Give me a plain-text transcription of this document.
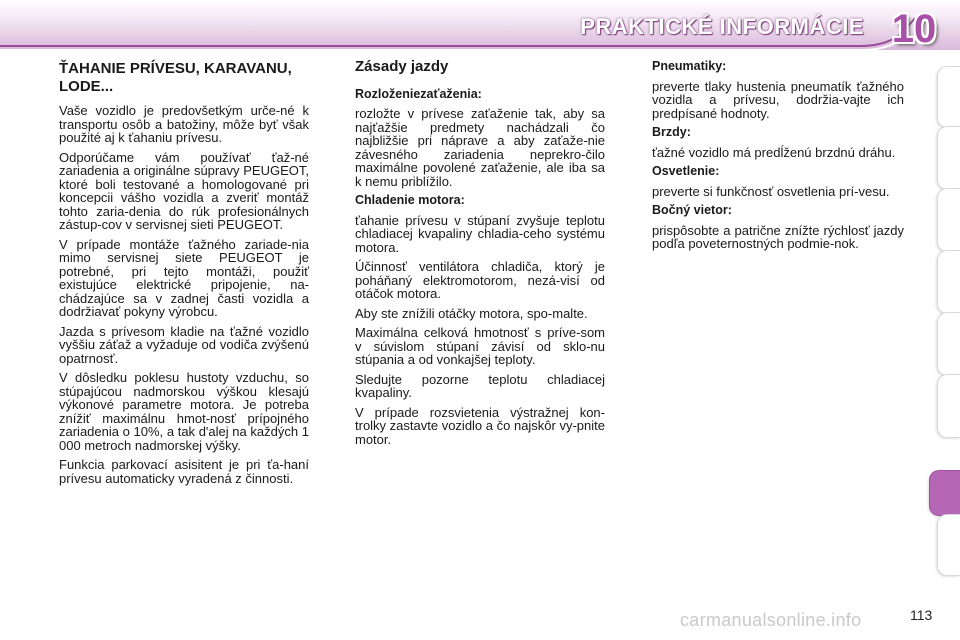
PRAKTICKÉ INFORMÁCIE 10
ŤAHANIE PRÍVESU, KARAVANU, LODE...

Vaše vozidlo je predovšetkým urče-né k transportu osôb a batožiny, môže byť však použité aj k ťahaniu prívesu.

Odporúčame vám používať ťaž-né zariadenia a originálne súpravy PEUGEOT, ktoré boli testované a homologované pri koncepcii vášho vozidla a zveriť montáž tohto zaria-denia do rúk profesionálnych zástup-cov v servisnej sieti PEUGEOT.

V prípade montáže ťažného zariade-nia mimo servisnej siete PEUGEOT je potrebné, pri tejto montáži, použiť existujúce elektrické pripojenie, na-chádzajúce sa v zadnej časti vozidla a dodržiavať pokyny výrobcu.

Jazda s prívesom kladie na ťažné vozidlo vyššiu záťaž a vyžaduje od vodiča zvýšenú opatrnosť.

V dôsledku poklesu hustoty vzduchu, so stúpajúcou nadmorskou výškou klesajú výkonové parametre motora. Je potreba znížiť maximálnu hmot-nosť prípojného zariadenia o 10%, a tak d'alej na každých 1 000 metroch nadmorskej výšky.

Funkcia parkovací asisitent je pri ťa-haní prívesu automaticky vyradená z činnosti.

Zásady jazdy
Rozloženiezaťaženia:

rozložte v prívese zaťaženie tak, aby sa najťažšie predmety nachádzali čo najbližšie pri náprave a aby zaťaže-nie závesného zariadenia neprekro-čilo maximálne povolené zaťaženie, ale iba sa k nemu priblížilo.

Chladenie motora:

ťahanie prívesu v stúpaní zvyšuje teplotu chladiacej kvapaliny chladia-ceho systému motora.

Účinnosť ventilátora chladiča, ktorý je poháňaný elektromotorom, nezá-visí od otáčok motora.

Aby ste znížili otáčky motora, spo-malte.

Maximálna celková hmotnosť s príve-som v súvislom stúpaní závisí od sklo-nu stúpania a od vonkajšej teploty.

Sledujte pozorne teplotu chladiacej kvapaliny.

V prípade rozsvietenia výstražnej kon-trolky zastavte vozidlo a čo najskôr vy-pnite motor.

Pneumatiky:

preverte tlaky hustenia pneumatík ťažného vozidla a prívesu, dodržia-vajte ich predpísané hodnoty.

Brzdy:

ťažné vozidlo má predĺženú brzdnú dráhu.

Osvetlenie:

preverte si funkčnosť osvetlenia prí-vesu.

Bočný vietor:

prispôsobte a patrične znížte rýchlosť jazdy podľa poveternostných podmie-nok.

carmanualsonline.info	113
